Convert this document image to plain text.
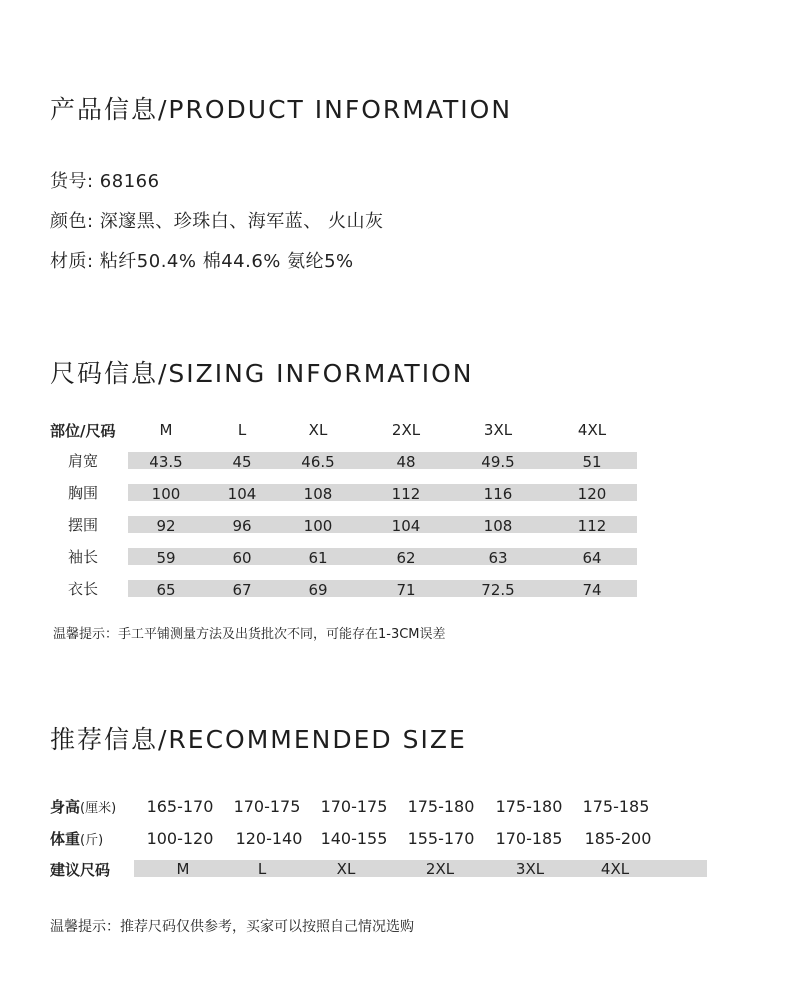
产品信息/PRODUCT INFORMATION
货号: 68166
颜色: 深邃黑、珍珠白、海军蓝、 火山灰
材质: 粘纤50.4% 棉44.6% 氨纶5%
尺码信息/SIZING INFORMATION
部位/尺码	M	L	XL	2XL	3XL	4XL
肩宽	43.5	45	46.5	48	49.5	51
胸围	100	104	108	112	116	120
摆围	92	96	100	104	108	112
袖长	59	60	61	62	63	64
衣长	65	67	69	71	72.5	74
温馨提示：手工平铺测量方法及出货批次不同，可能存在1-3CM误差
推荐信息/RECOMMENDED SIZE
身高(厘米)	165-170	170-175	170-175	175-180	175-180	175-185
体重(斤)	100-120	120-140	140-155	155-170	170-185	185-200
建议尺码	M	L	XL	2XL	3XL	4XL
温馨提示：推荐尺码仅供参考，买家可以按照自己情况选购
